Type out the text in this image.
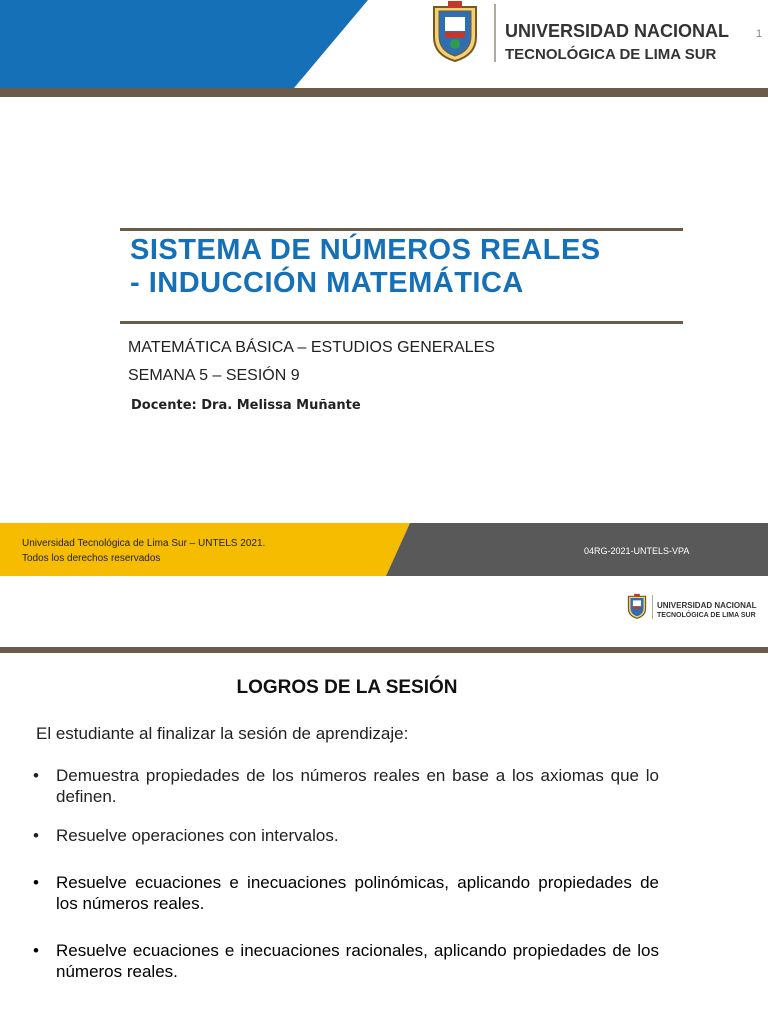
UNIVERSIDAD NACIONAL
TECNOLÓGICA DE LIMA SUR
1
SISTEMA DE NÚMEROS REALES
- INDUCCIÓN MATEMÁTICA
MATEMÁTICA BÁSICA – ESTUDIOS GENERALES
SEMANA 5 – SESIÓN 9
Docente: Dra. Melissa Muñante
Universidad Tecnológica de Lima Sur – UNTELS 2021.
Todos los derechos reservados
04RG-2021-UNTELS-VPA
UNIVERSIDAD NACIONAL
TECNOLÓGICA DE LIMA SUR
LOGROS DE LA SESIÓN
El estudiante al finalizar la sesión de aprendizaje:
• Demuestra propiedades de los números reales en base a los axiomas que lo definen.
• Resuelve operaciones con intervalos.
• Resuelve ecuaciones e inecuaciones polinómicas, aplicando propiedades de los números reales.
• Resuelve ecuaciones e inecuaciones racionales, aplicando propiedades de los números reales.
